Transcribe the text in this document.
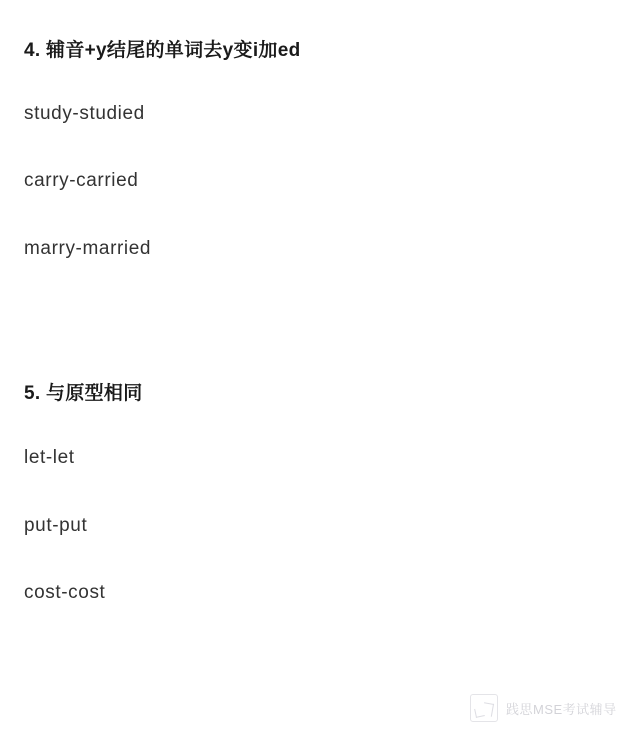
4. 辅音+y结尾的单词去y变i加ed

study-studied

carry-carried

marry-married

5. 与原型相同

let-let

put-put

cost-cost

践思MSE考试辅导
